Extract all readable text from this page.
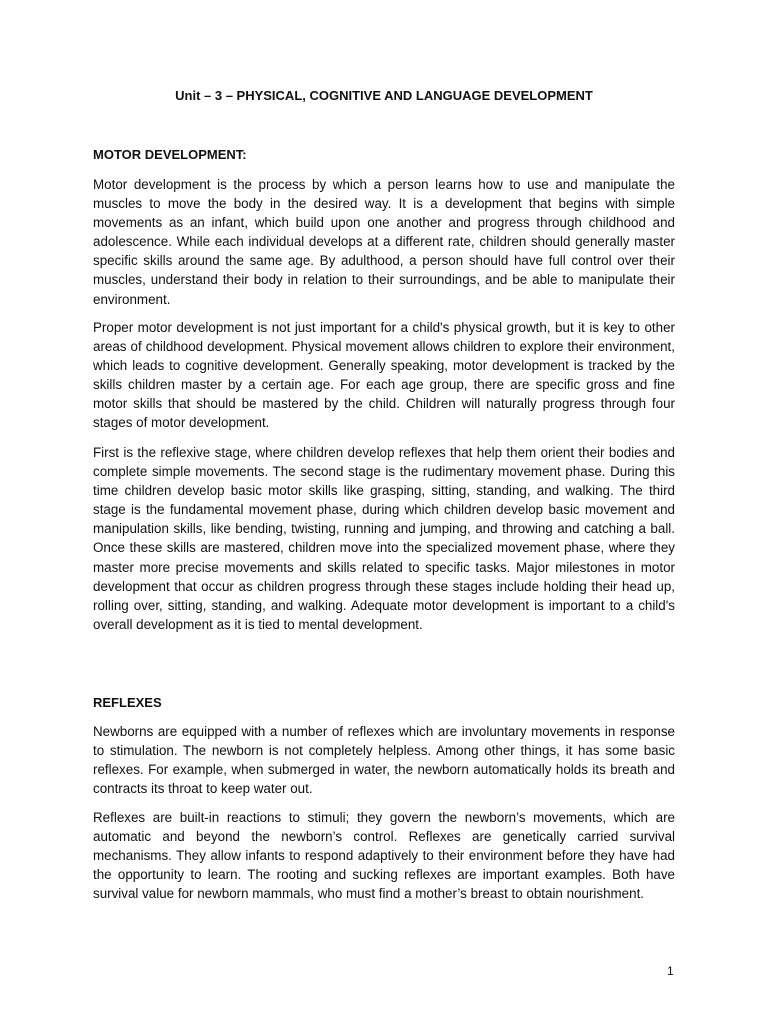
Unit – 3 – PHYSICAL, COGNITIVE AND LANGUAGE DEVELOPMENT
MOTOR DEVELOPMENT:

Motor development is the process by which a person learns how to use and manipulate the muscles to move the body in the desired way. It is a development that begins with simple movements as an infant, which build upon one another and progress through childhood and adolescence. While each individual develops at a different rate, children should generally master specific skills around the same age. By adulthood, a person should have full control over their muscles, understand their body in relation to their surroundings, and be able to manipulate their environment.

Proper motor development is not just important for a child's physical growth, but it is key to other areas of childhood development. Physical movement allows children to explore their environment, which leads to cognitive development. Generally speaking, motor development is tracked by the skills children master by a certain age. For each age group, there are specific gross and fine motor skills that should be mastered by the child. Children will naturally progress through four stages of motor development.

First is the reflexive stage, where children develop reflexes that help them orient their bodies and complete simple movements. The second stage is the rudimentary movement phase. During this time children develop basic motor skills like grasping, sitting, standing, and walking. The third stage is the fundamental movement phase, during which children develop basic movement and manipulation skills, like bending, twisting, running and jumping, and throwing and catching a ball. Once these skills are mastered, children move into the specialized movement phase, where they master more precise movements and skills related to specific tasks. Major milestones in motor development that occur as children progress through these stages include holding their head up, rolling over, sitting, standing, and walking. Adequate motor development is important to a child's overall development as it is tied to mental development.

REFLEXES

Newborns are equipped with a number of reflexes which are involuntary movements in response to stimulation. The newborn is not completely helpless. Among other things, it has some basic reflexes. For example, when submerged in water, the newborn automatically holds its breath and contracts its throat to keep water out.

Reflexes are built-in reactions to stimuli; they govern the newborn’s movements, which are automatic and beyond the newborn’s control. Reflexes are genetically carried survival mechanisms. They allow infants to respond adaptively to their environment before they have had the opportunity to learn. The rooting and sucking reflexes are important examples. Both have survival value for newborn mammals, who must find a mother’s breast to obtain nourishment.

1
